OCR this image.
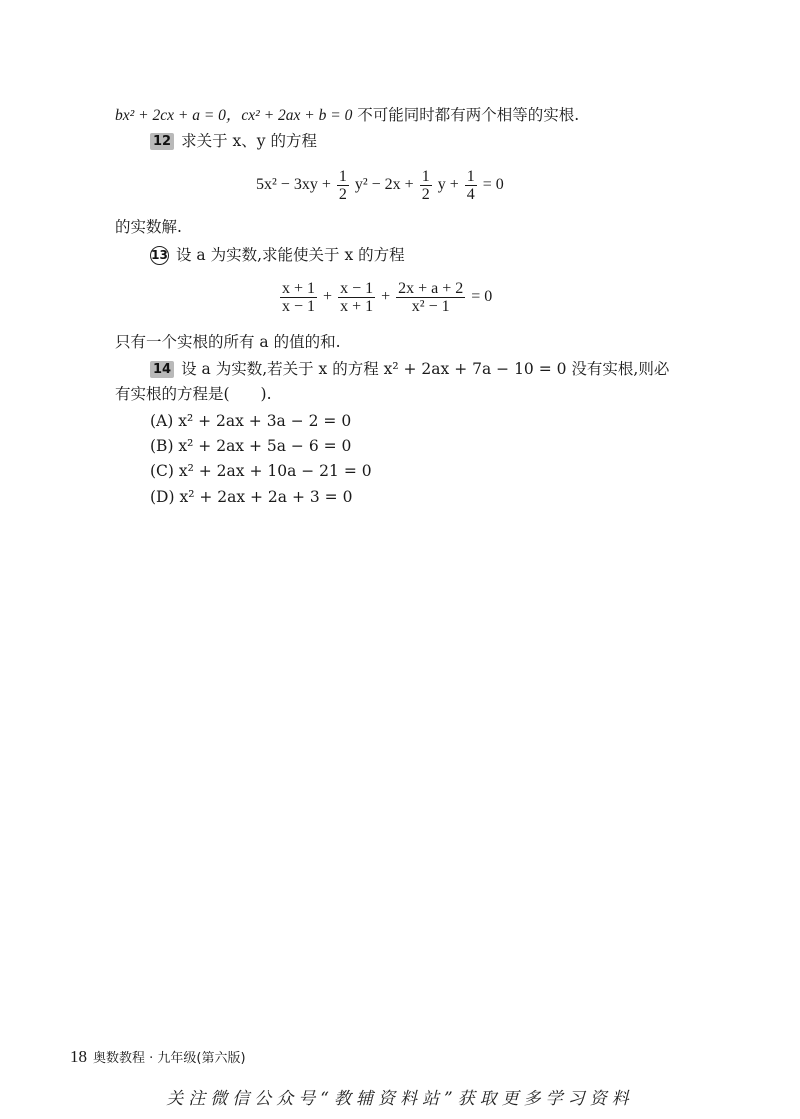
bx² + 2cx + a = 0，cx² + 2ax + b = 0 不可能同时都有两个相等的实根.
12 求关于 x、y 的方程
$5x^2 - 3xy + \frac{1}{2} y^2 - 2x + \frac{1}{2}$ $y + \frac{1}{4} = 0$
的实数解.
13 设 a 为实数,求能使关于 x 的方程
$\frac{x + 1}{x - 1} + \frac{x - 1}{x + 1} + \frac{2x + a + 2}{\text{x² − 1}} = 0$
只有一个实根的所有 a 的值的和.
14 设 a 为实数,若关于 x 的方程 x² + 2ax + 7a − 10 = 0 没有实根,则必
有实根的方程是(　　).
(A) x² + 2ax + 3a − 2 = 0
(B) x² + 2ax + 5a − 6 = 0
(C) x² + 2ax + 10a − 21 = 0
(D) x² + 2ax + 2a + 3 = 0
18 奥数教程 · 九年级(第六版)
关注微信公众号“教辅资料站”获取更多学习资料
